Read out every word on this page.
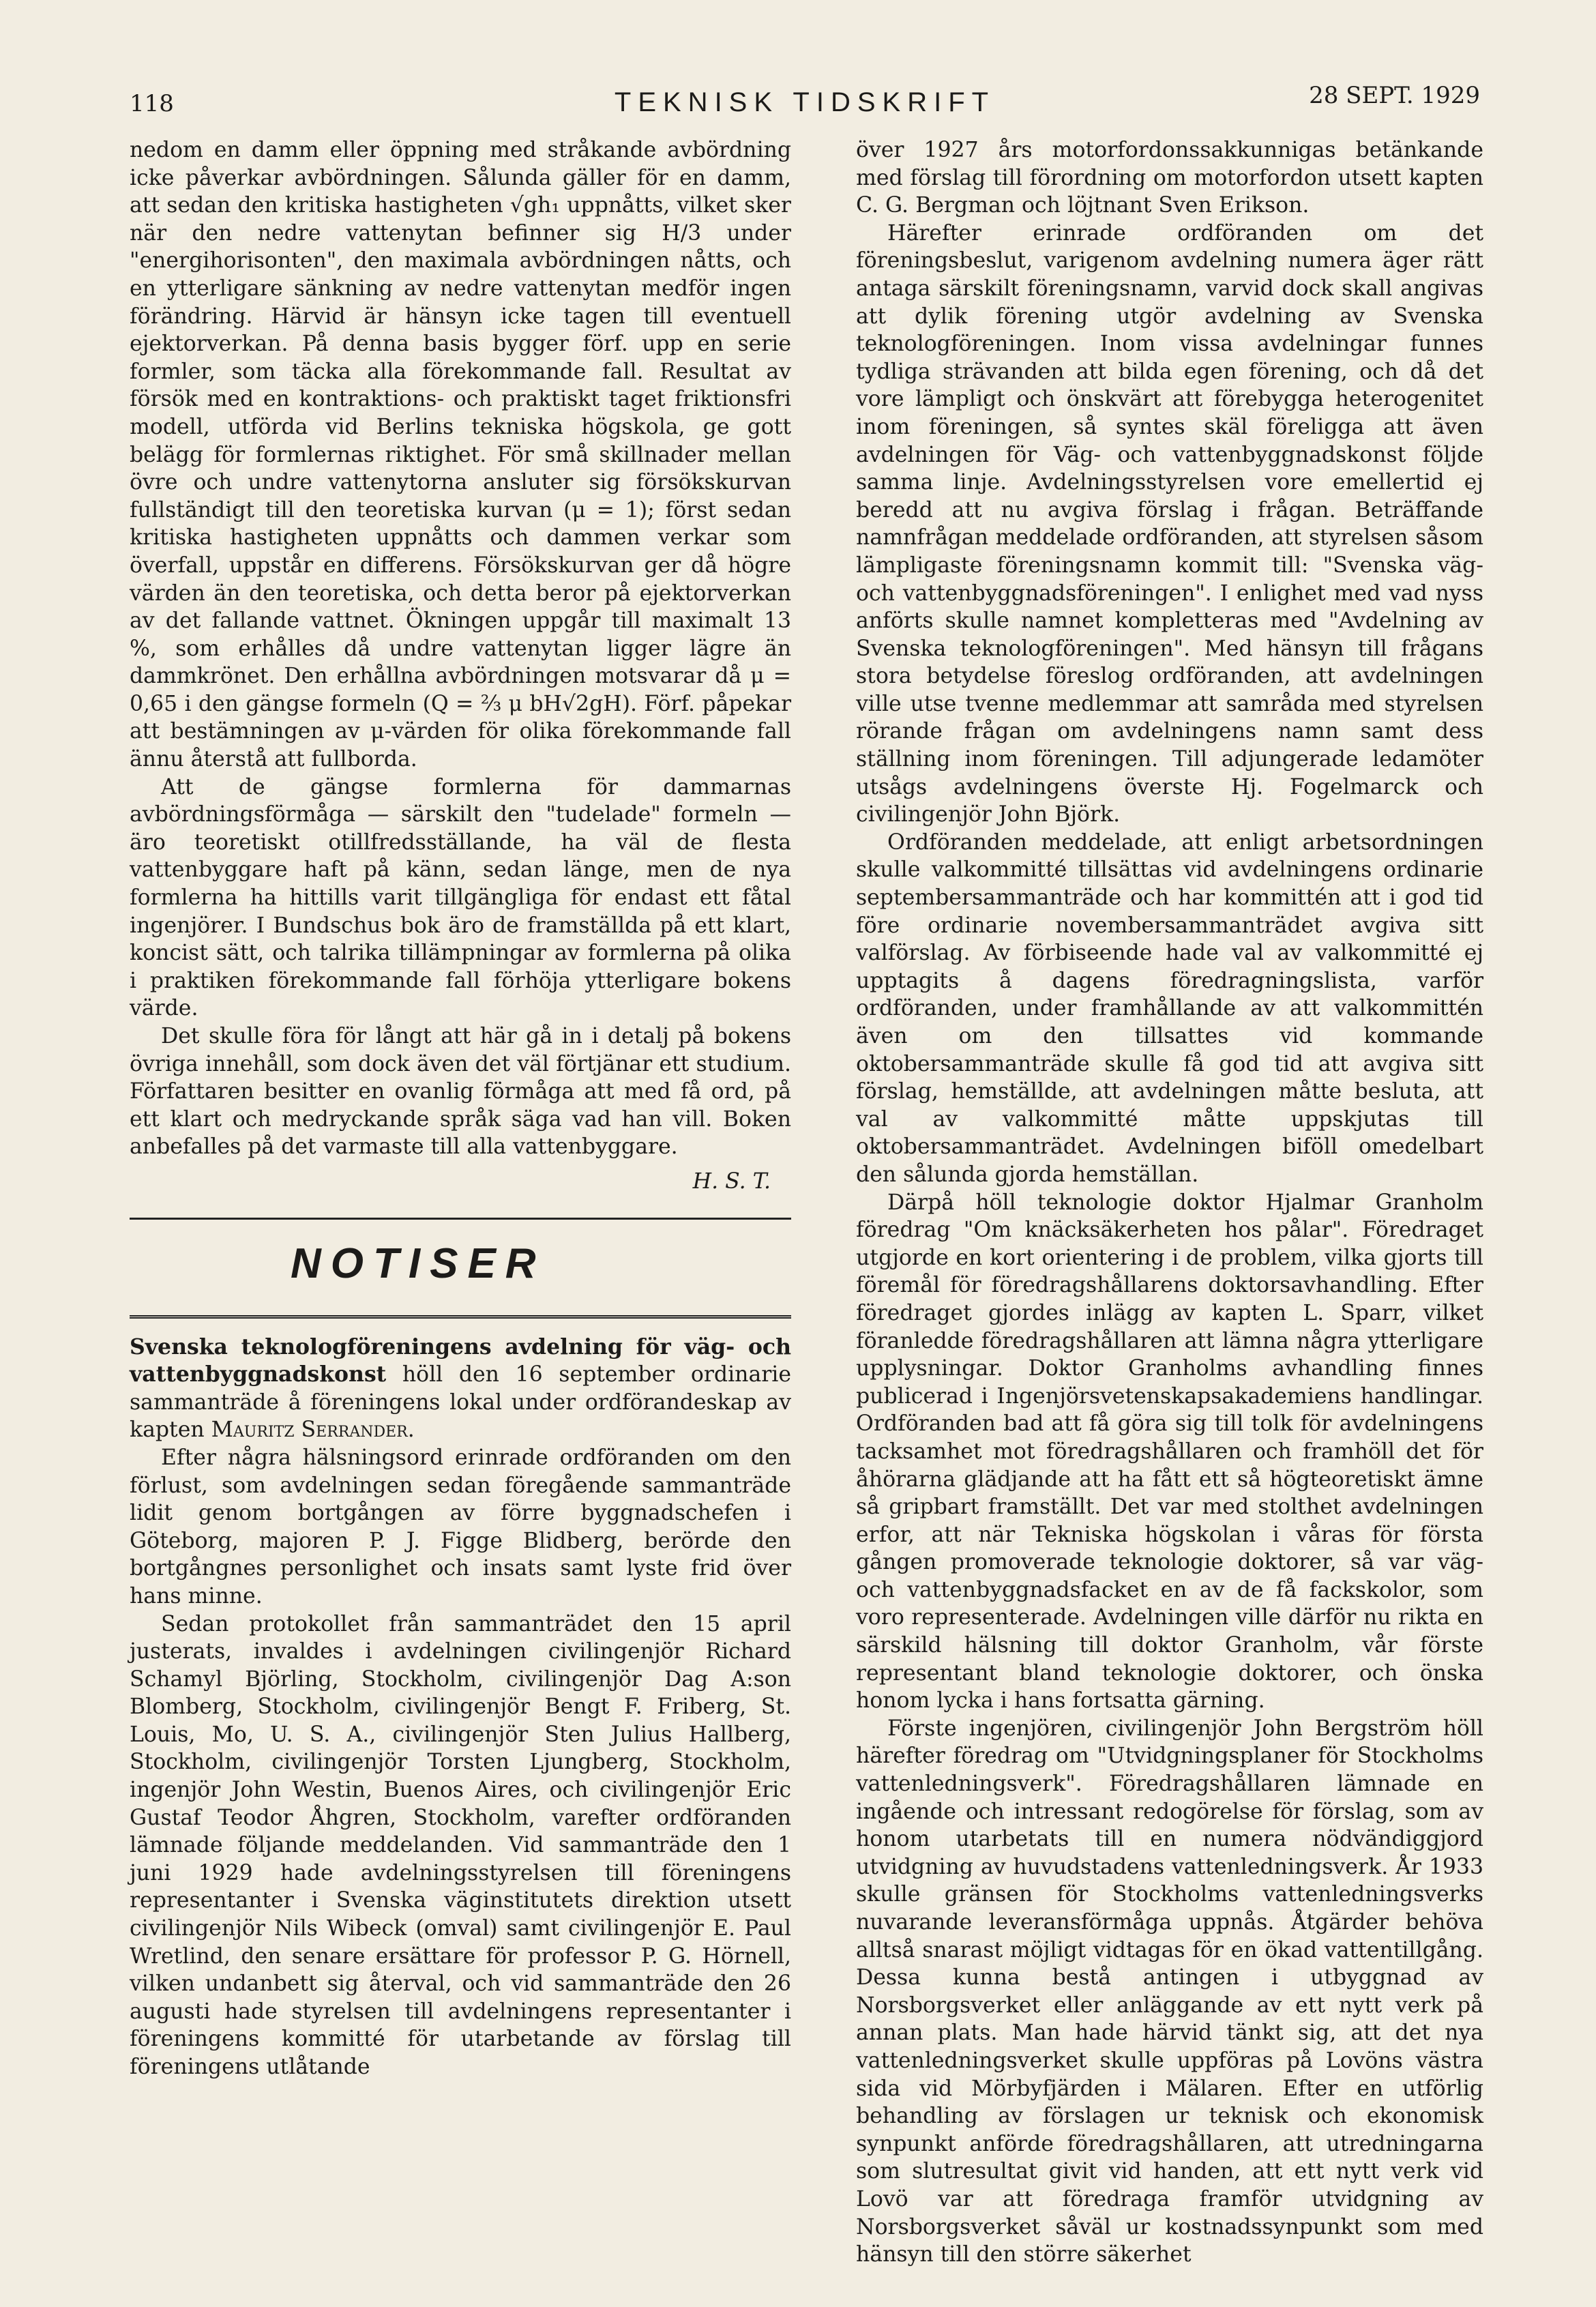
118	TEKNISK TIDSKRIFT	28 SEPT. 1929

nedom en damm eller öppning med stråkande avbördning icke påverkar avbördningen. Sålunda gäller för en damm, att sedan den kritiska hastigheten √gh₁ uppnåtts, vilket sker när den nedre vattenytan befinner sig H/3 under "energihorisonten", den maximala avbördningen nåtts, och en ytterligare sänkning av nedre vattenytan medför ingen förändring. Härvid är hänsyn icke tagen till eventuell ejektorverkan. På denna basis bygger förf. upp en serie formler, som täcka alla förekommande fall. Resultat av försök med en kontraktions- och praktiskt taget friktionsfri modell, utförda vid Berlins tekniska högskola, ge gott belägg för formlernas riktighet. För små skillnader mellan övre och undre vattenytorna ansluter sig försökskurvan fullständigt till den teoretiska kurvan (μ = 1); först sedan kritiska hastigheten uppnåtts och dammen verkar som överfall, uppstår en differens. Försökskurvan ger då högre värden än den teoretiska, och detta beror på ejektorverkan av det fallande vattnet. Ökningen uppgår till maximalt 13 %, som erhålles då undre vattenytan ligger lägre än dammkrönet. Den erhållna avbördningen motsvarar då μ = 0,65 i den gängse formeln (Q = ⅔ μ bH√2gH). Förf. påpekar att bestämningen av μ-värden för olika förekommande fall ännu återstå att fullborda.

Att de gängse formlerna för dammarnas avbördningsförmåga — särskilt den "tudelade" formeln — äro teoretiskt otillfredsställande, ha väl de flesta vattenbyggare haft på känn, sedan länge, men de nya formlerna ha hittills varit tillgängliga för endast ett fåtal ingenjörer. I Bundschus bok äro de framställda på ett klart, koncist sätt, och talrika tillämpningar av formlerna på olika i praktiken förekommande fall förhöja ytterligare bokens värde.

Det skulle föra för långt att här gå in i detalj på bokens övriga innehåll, som dock även det väl förtjänar ett studium. Författaren besitter en ovanlig förmåga att med få ord, på ett klart och medryckande språk säga vad han vill. Boken anbefalles på det varmaste till alla vattenbyggare.

H. S. T.
NOTISER

Svenska teknologföreningens avdelning för väg- och vattenbyggnadskonst höll den 16 september ordinarie sammanträde å föreningens lokal under ordförandeskap av kapten Mauritz Serrander.

Efter några hälsningsord erinrade ordföranden om den förlust, som avdelningen sedan föregående sammanträde lidit genom bortgången av förre byggnadschefen i Göteborg, majoren P. J. Figge Blidberg, berörde den bortgångnes personlighet och insats samt lyste frid över hans minne.

Sedan protokollet från sammanträdet den 15 april justerats, invaldes i avdelningen civilingenjör Richard Schamyl Björling, Stockholm, civilingenjör Dag A:son Blomberg, Stockholm, civilingenjör Bengt F. Friberg, St. Louis, Mo, U. S. A., civilingenjör Sten Julius Hallberg, Stockholm, civilingenjör Torsten Ljungberg, Stockholm, ingenjör John Westin, Buenos Aires, och civilingenjör Eric Gustaf Teodor Åhgren, Stockholm, varefter ordföranden lämnade följande meddelanden. Vid sammanträde den 1 juni 1929 hade avdelningsstyrelsen till föreningens representanter i Svenska väginstitutets direktion utsett civilingenjör Nils Wibeck (omval) samt civilingenjör E. Paul Wretlind, den senare ersättare för professor P. G. Hörnell, vilken undanbett sig återval, och vid sammanträde den 26 augusti hade styrelsen till avdelningens representanter i föreningens kommitté för utarbetande av förslag till föreningens utlåtande

över 1927 års motorfordonssakkunnigas betänkande med förslag till förordning om motorfordon utsett kapten C. G. Bergman och löjtnant Sven Erikson.

Härefter erinrade ordföranden om det föreningsbeslut, varigenom avdelning numera äger rätt antaga särskilt föreningsnamn, varvid dock skall angivas att dylik förening utgör avdelning av Svenska teknologföreningen. Inom vissa avdelningar funnes tydliga strävanden att bilda egen förening, och då det vore lämpligt och önskvärt att förebygga heterogenitet inom föreningen, så syntes skäl föreligga att även avdelningen för Väg- och vattenbyggnadskonst följde samma linje. Avdelningsstyrelsen vore emellertid ej beredd att nu avgiva förslag i frågan. Beträffande namnfrågan meddelade ordföranden, att styrelsen såsom lämpligaste föreningsnamn kommit till: "Svenska väg- och vattenbyggnadsföreningen". I enlighet med vad nyss anförts skulle namnet kompletteras med "Avdelning av Svenska teknologföreningen". Med hänsyn till frågans stora betydelse föreslog ordföranden, att avdelningen ville utse tvenne medlemmar att samråda med styrelsen rörande frågan om avdelningens namn samt dess ställning inom föreningen. Till adjungerade ledamöter utsågs avdelningens överste Hj. Fogelmarck och civilingenjör John Björk.

Ordföranden meddelade, att enligt arbetsordningen skulle valkommitté tillsättas vid avdelningens ordinarie septembersammanträde och har kommittén att i god tid före ordinarie novembersammanträdet avgiva sitt valförslag. Av förbiseende hade val av valkommitté ej upptagits å dagens föredragningslista, varför ordföranden, under framhållande av att valkommittén även om den tillsattes vid kommande oktobersammanträde skulle få god tid att avgiva sitt förslag, hemställde, att avdelningen måtte besluta, att val av valkommitté måtte uppskjutas till oktobersammanträdet. Avdelningen biföll omedelbart den sålunda gjorda hemställan.

Därpå höll teknologie doktor Hjalmar Granholm föredrag "Om knäcksäkerheten hos pålar". Föredraget utgjorde en kort orientering i de problem, vilka gjorts till föremål för föredragshållarens doktorsavhandling. Efter föredraget gjordes inlägg av kapten L. Sparr, vilket föranledde föredragshållaren att lämna några ytterligare upplysningar. Doktor Granholms avhandling finnes publicerad i Ingenjörsvetenskapsakademiens handlingar. Ordföranden bad att få göra sig till tolk för avdelningens tacksamhet mot föredragshållaren och framhöll det för åhörarna glädjande att ha fått ett så högteoretiskt ämne så gripbart framställt. Det var med stolthet avdelningen erfor, att när Tekniska högskolan i våras för första gången promoverade teknologie doktorer, så var väg- och vattenbyggnadsfacket en av de få fackskolor, som voro representerade. Avdelningen ville därför nu rikta en särskild hälsning till doktor Granholm, vår förste representant bland teknologie doktorer, och önska honom lycka i hans fortsatta gärning.

Förste ingenjören, civilingenjör John Bergström höll härefter föredrag om "Utvidgningsplaner för Stockholms vattenledningsverk". Föredragshållaren lämnade en ingående och intressant redogörelse för förslag, som av honom utarbetats till en numera nödvändiggjord utvidgning av huvudstadens vattenledningsverk. År 1933 skulle gränsen för Stockholms vattenledningsverks nuvarande leveransförmåga uppnås. Åtgärder behöva alltså snarast möjligt vidtagas för en ökad vattentillgång. Dessa kunna bestå antingen i utbyggnad av Norsborgsverket eller anläggande av ett nytt verk på annan plats. Man hade härvid tänkt sig, att det nya vattenledningsverket skulle uppföras på Lovöns västra sida vid Mörbyfjärden i Mälaren. Efter en utförlig behandling av förslagen ur teknisk och ekonomisk synpunkt anförde föredragshållaren, att utredningarna som slutresultat givit vid handen, att ett nytt verk vid Lovö var att föredraga framför utvidgning av Norsborgsverket såväl ur kostnadssynpunkt som med hänsyn till den större säkerhet
